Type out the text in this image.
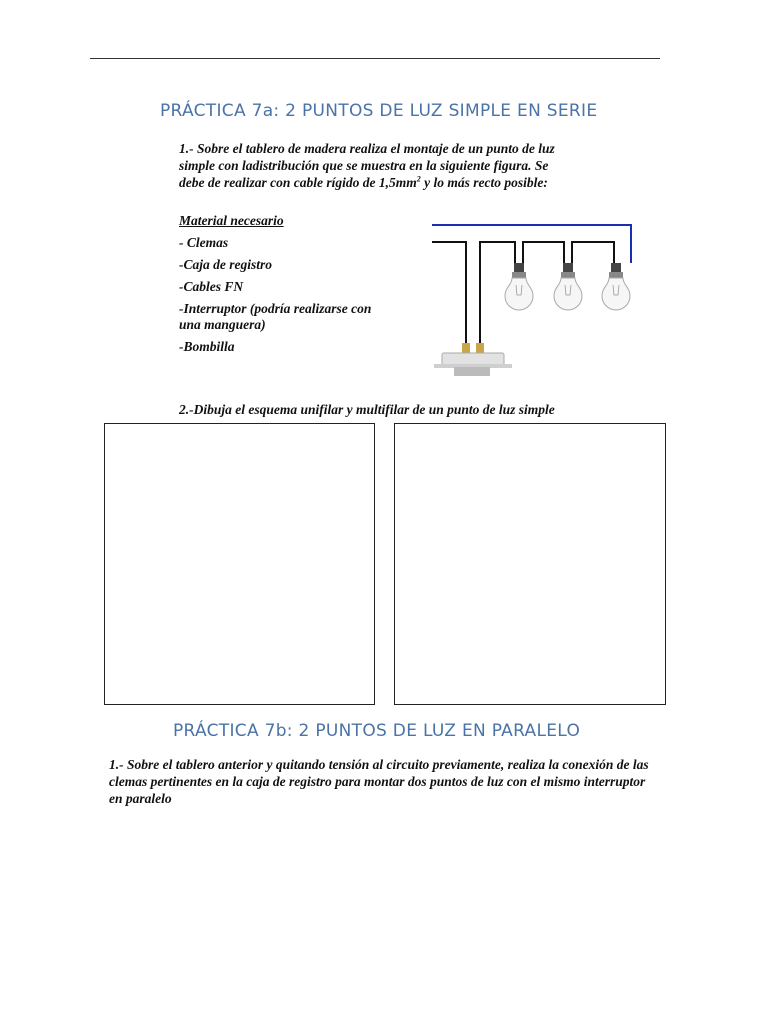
PRÁCTICA 7a: 2 PUNTOS DE LUZ SIMPLE EN SERIE
1.- Sobre el tablero de madera realiza el montaje de un punto de luz simple con ladistribución que se muestra en la siguiente figura. Se debe de realizar con cable rígido de $1,5mm^2$ y lo más recto posible:
Material necesario
- Clemas
-Caja de registro
-Cables FN
-Interruptor (podría realizarse con una manguera)
-Bombilla
2.-Dibuja el esquema unifilar y multifilar de un punto de luz simple
PRÁCTICA 7b: 2 PUNTOS DE LUZ EN PARALELO
1.- Sobre el tablero anterior y quitando tensión al circuito previamente, realiza la conexión de las clemas pertinentes en la caja de registro para montar dos puntos de luz con el mismo interruptor en paralelo
